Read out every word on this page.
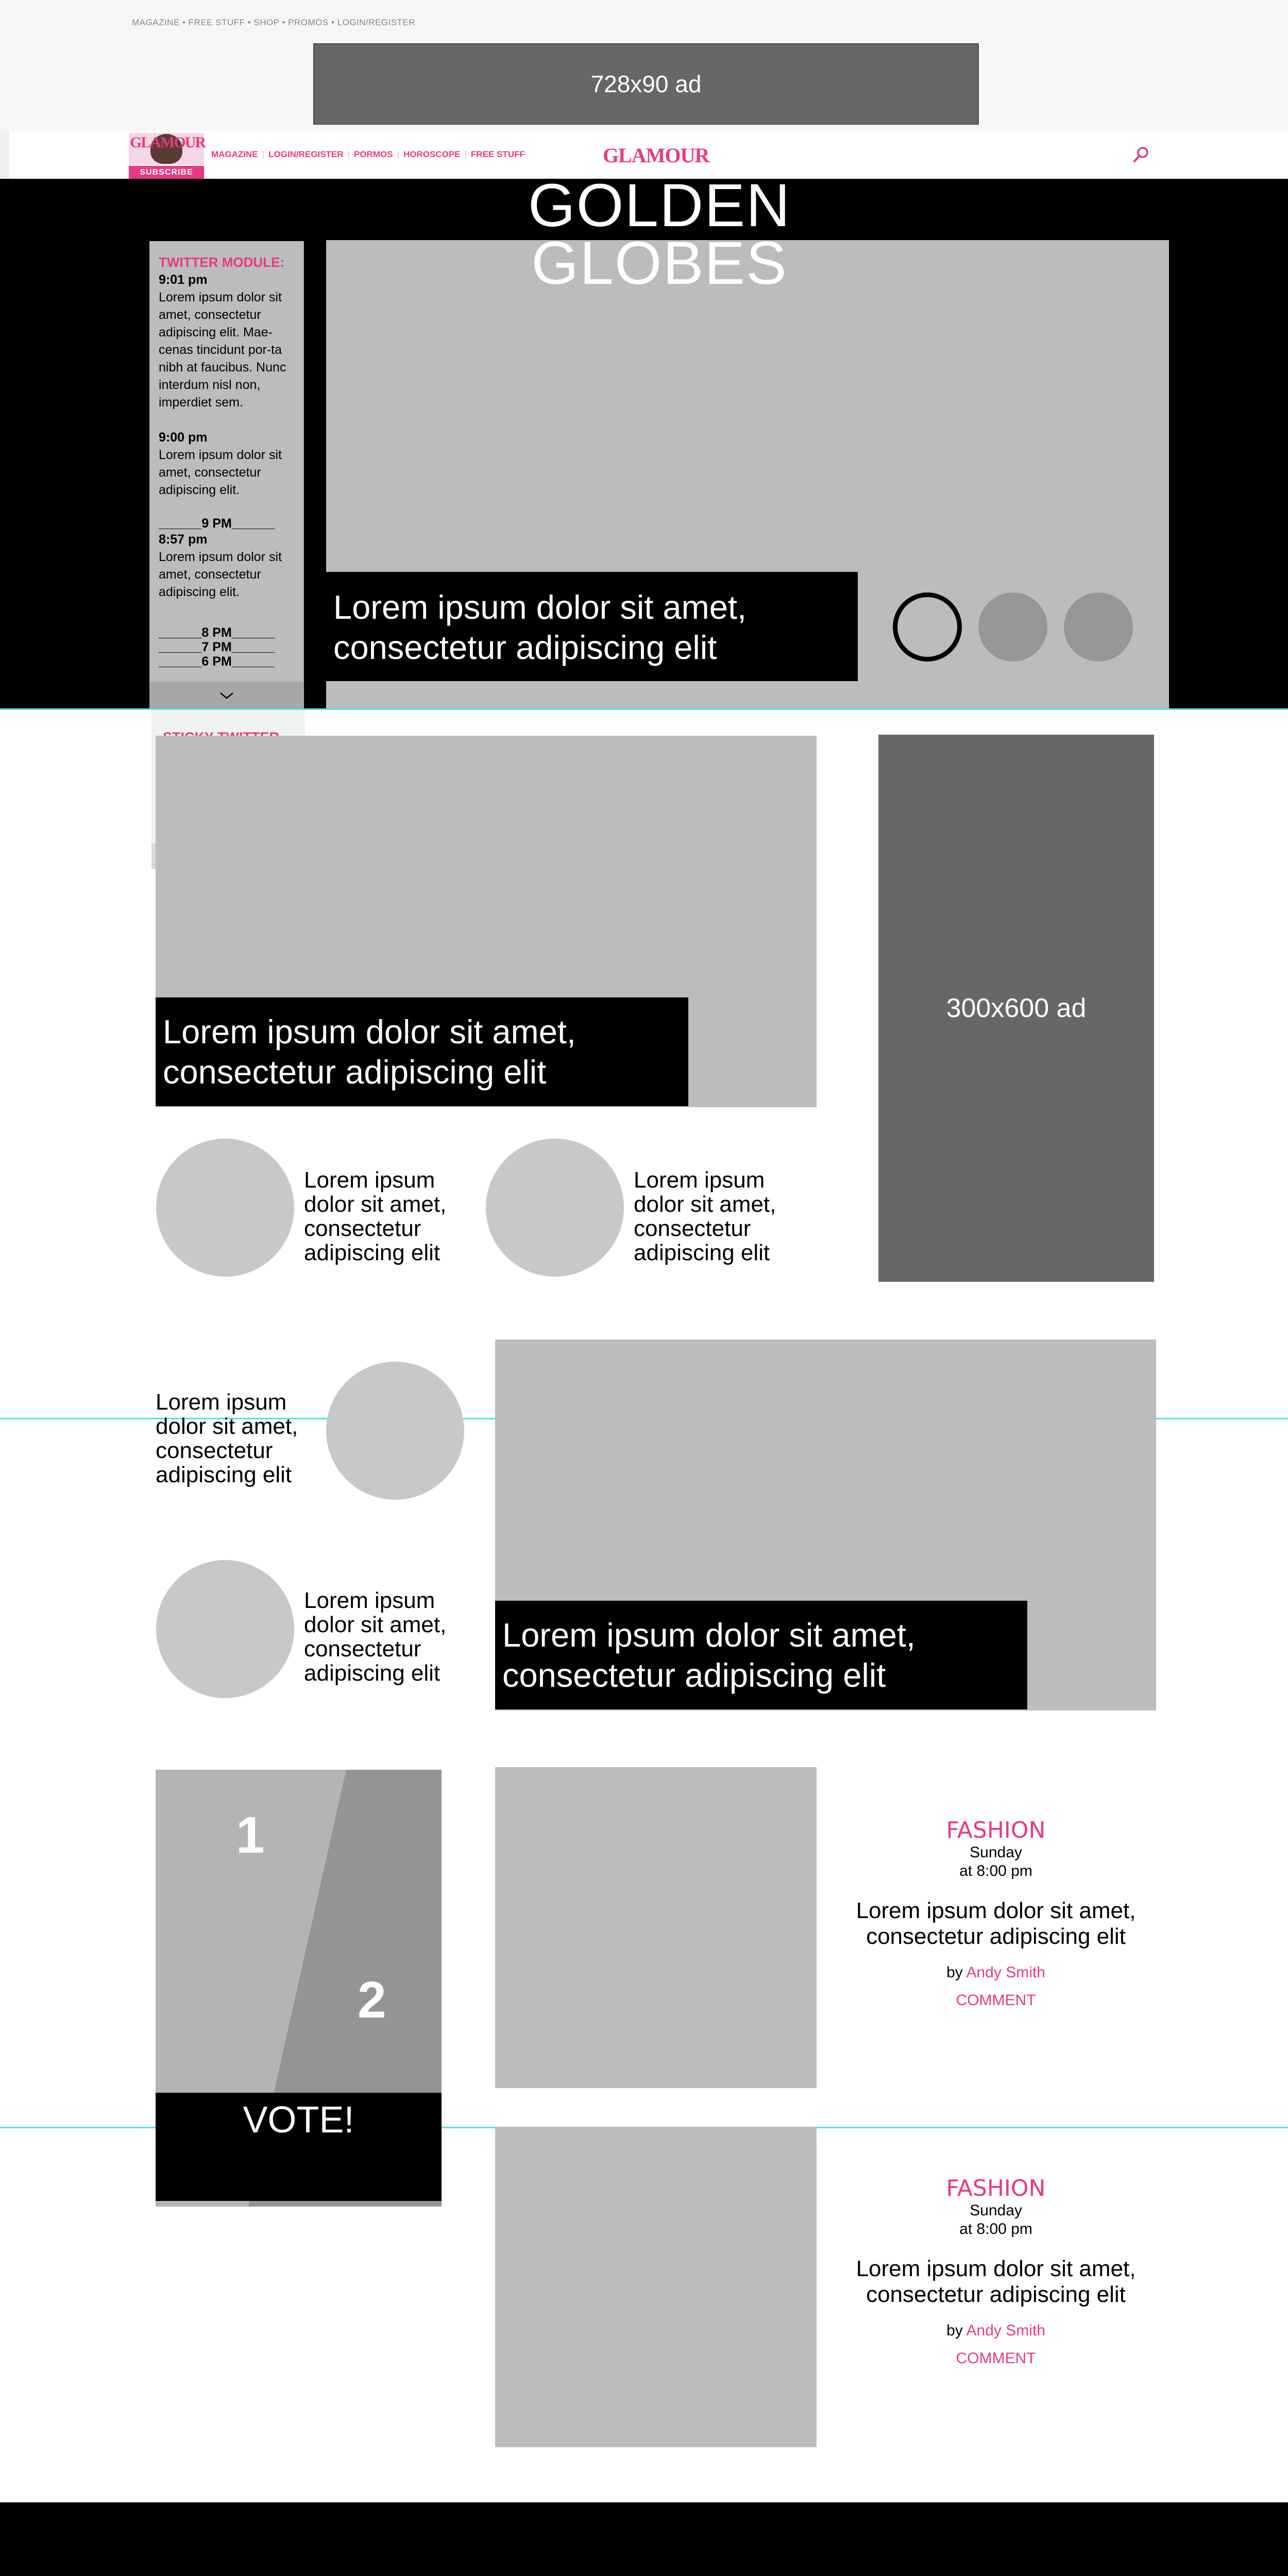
MAGAZINE • FREE STUFF • SHOP • PROMOS • LOGIN/REGISTER
728x90 ad
GLAMOUR
SUBSCRIBE
MAGAZINE | LOGIN/REGISTER | PORMOS | HOROSCOPE | FREE STUFF	GLAMOUR
GOLDEN
GLOBES
Lorem ipsum dolor sit amet, consectetur adipiscing elit
TWITTER MODULE:
9:01 pm
Lorem ipsum dolor sit amet, consectetur adipiscing elit. Mae-cenas tincidunt por-ta nibh at faucibus. Nunc interdum nisl non, imperdiet sem.
9:00 pm
Lorem ipsum dolor sit amet, consectetur adipiscing elit.
______9 PM______
8:57 pm
Lorem ipsum dolor sit amet, consectetur adipiscing elit.
______8 PM______
______7 PM______
______6 PM______
Lorem ipsum dolor sit amet, consectetur adipiscing elit
300x600 ad
Lorem ipsum dolor sit amet, consectetur adipiscing elit
Lorem ipsum dolor sit amet, consectetur adipiscing elit
Lorem ipsum dolor sit amet, consectetur adipiscing elit
Lorem ipsum dolor sit amet, consectetur adipiscing elit
Lorem ipsum dolor sit amet, consectetur adipiscing elit
1
2
VOTE!
FASHION
Sunday
at 8:00 pm
Lorem ipsum dolor sit amet, consectetur adipiscing elit
by Andy Smith
COMMENT
FASHION
Sunday
at 8:00 pm
Lorem ipsum dolor sit amet, consectetur adipiscing elit
by Andy Smith
COMMENT
